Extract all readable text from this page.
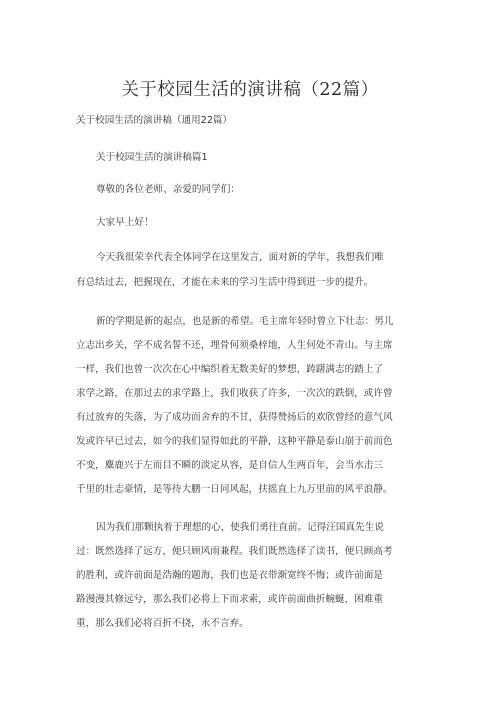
关于校园生活的演讲稿（22篇）
关于校园生活的演讲稿（通用22篇）
关于校园生活的演讲稿篇1
尊敬的各位老师、亲爱的同学们：
大家早上好！
今天我很荣幸代表全体同学在这里发言，面对新的学年，我想我们唯
有总结过去，把握现在，才能在未来的学习生活中得到进一步的提升。
新的学期是新的起点，也是新的希望。毛主席年轻时曾立下壮志：男儿
立志出乡关，学不成名誓不还，埋骨何须桑梓地，人生何处不青山。与主席
一样，我们也曾一次次在心中编织着无数美好的梦想，踌躇满志的踏上了
求学之路，在那过去的求学路上，我们收获了许多，一次次的跌倒，或许曾
有过放弃的失落，为了成功而舍弃的不甘，获得赞扬后的欢欣曾经的意气风
发或许早已过去，如今的我们显得如此的平静，这种平静是泰山崩于前而色
不变，麋鹿兴于左而目不瞬的淡定从容，是自信人生两百年，会当水击三
千里的壮志豪情，是等待大鹏一日同风起，扶摇直上九万里前的风平浪静。
因为我们那颗执着于理想的心，使我们勇往直前。记得汪国真先生说
过：既然选择了远方，便只顾风雨兼程。我们既然选择了读书，便只顾高考
的胜利，或许前面是浩瀚的题海，我们也是衣带渐宽终不悔；或许前面是
路漫漫其修远兮，那么我们必将上下而求索，或许前面曲折蜿蜒，困难重
重，那么我们必将百折不挠，永不言弃。
